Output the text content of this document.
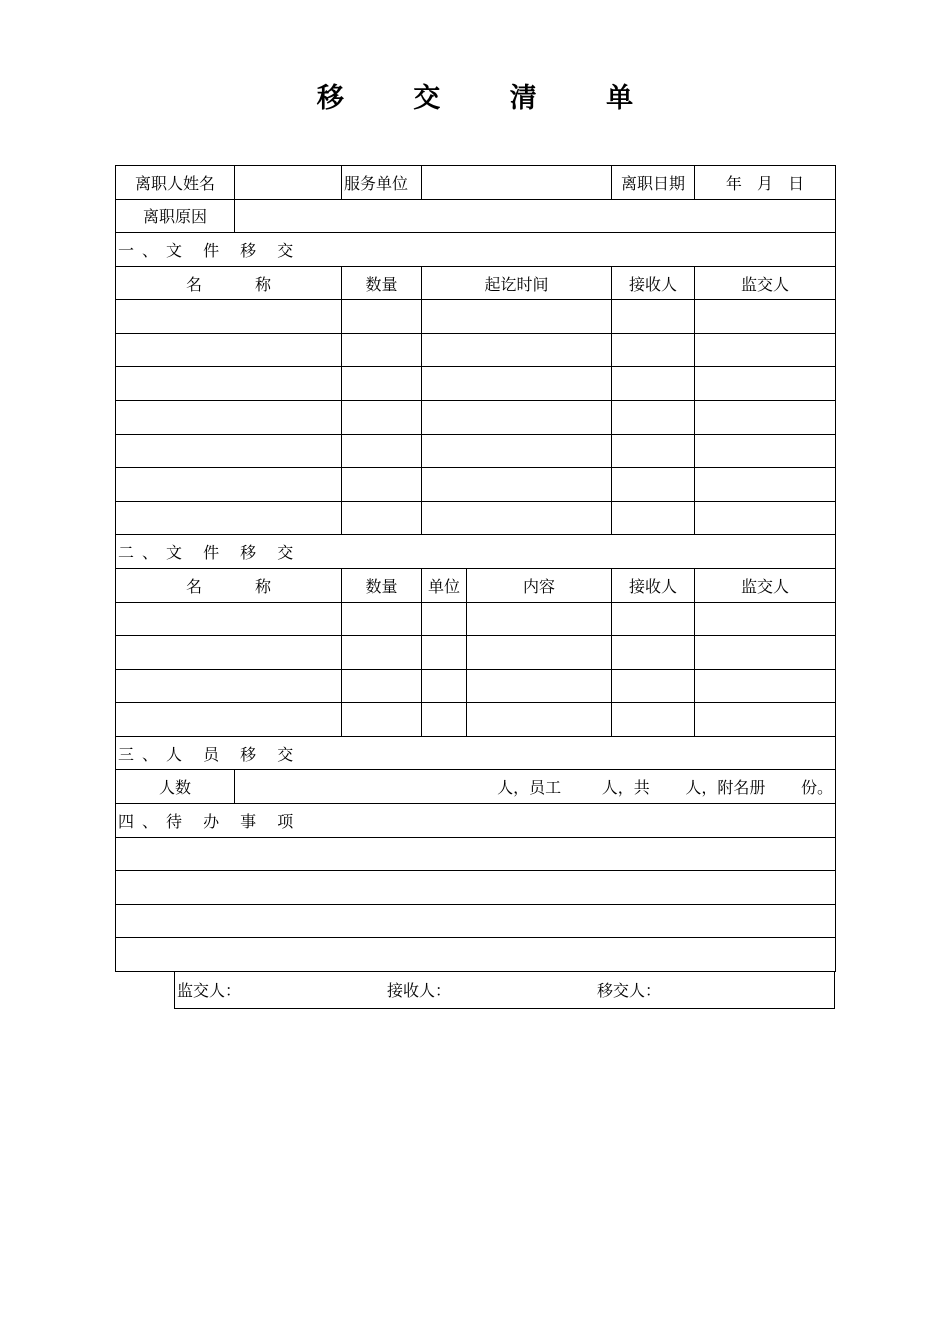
移 交 清 单
离职人姓名		服务单位			离职日期	年 月 日
离职原因						
一、文 件 移 交						
名 称		数量	起讫时间		接收人	监交人

二、文 件 移 交						
名 称		数量	单位	内容	接收人	监交人

三、人 员 移 交						
人数	人，员工        人，共       人，附名册       份。					
四、待 办 事 项						

监交人：	接收人：	移交人：
